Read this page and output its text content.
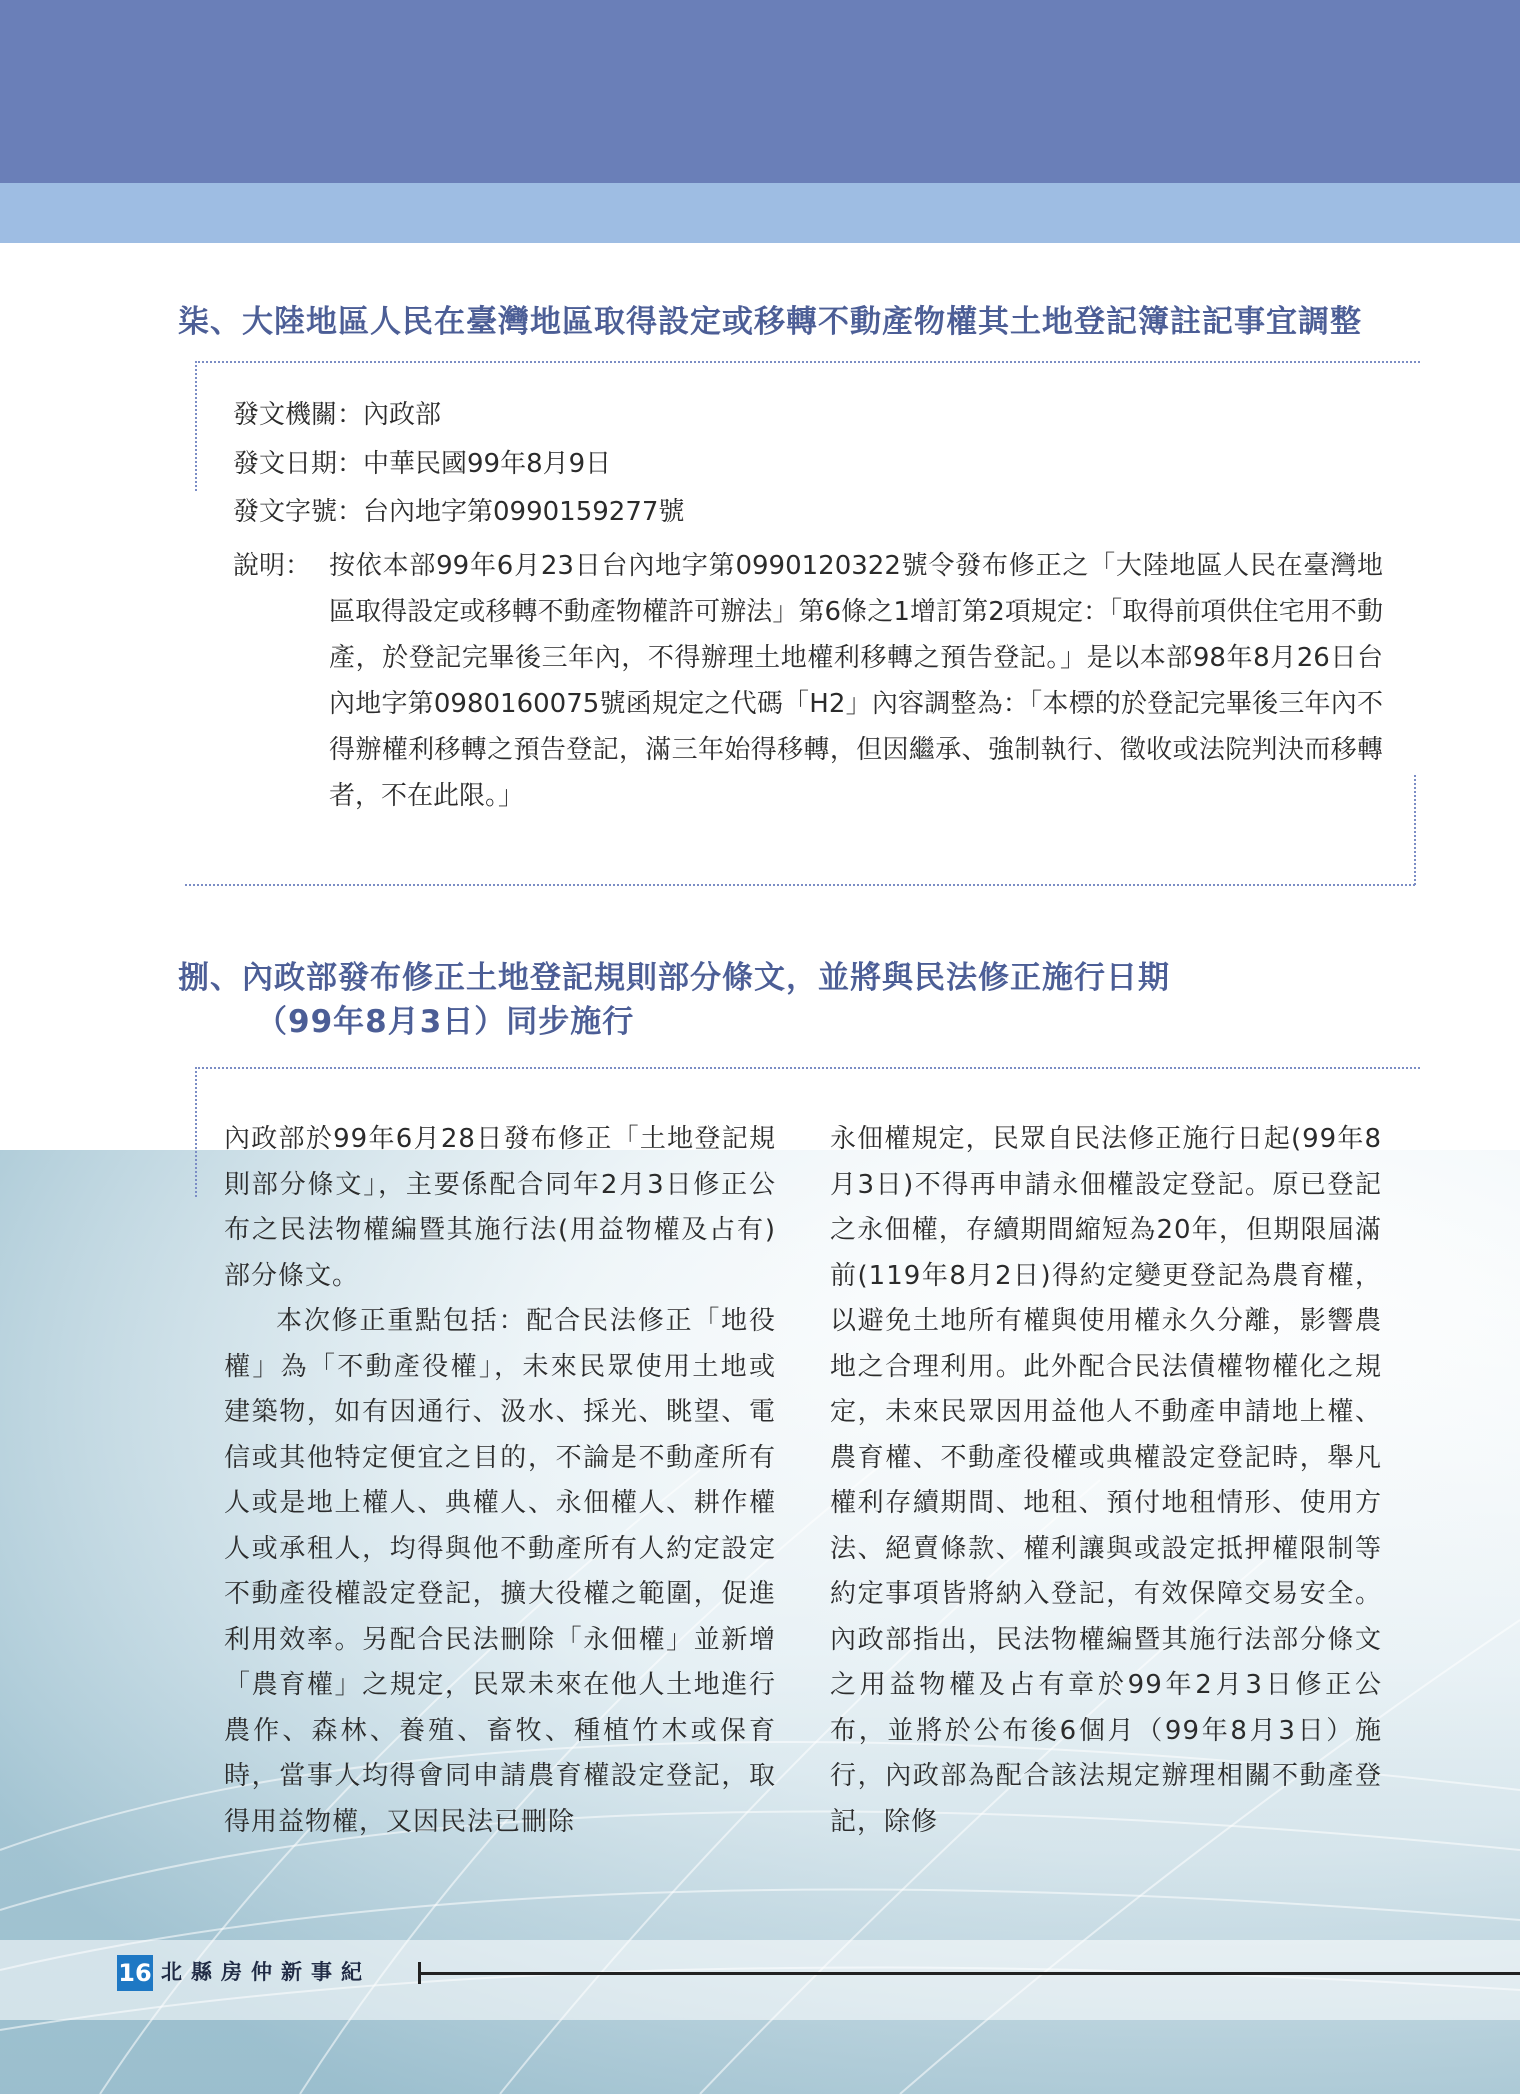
柒、大陸地區人民在臺灣地區取得設定或移轉不動產物權其土地登記簿註記事宜調整
發文機關：內政部
發文日期：中華民國99年8月9日
發文字號：台內地字第0990159277號
說明： 按依本部99年6月23日台內地字第0990120322號令發布修正之「大陸地區人民在臺灣地區取得設定或移轉不動產物權許可辦法」第6條之1增訂第2項規定：「取得前項供住宅用不動產，於登記完畢後三年內，不得辦理土地權利移轉之預告登記。」是以本部98年8月26日台內地字第0980160075號函規定之代碼「H2」內容調整為：「本標的於登記完畢後三年內不得辦權利移轉之預告登記，滿三年始得移轉，但因繼承、強制執行、徵收或法院判決而移轉者，不在此限。」
捌、內政部發布修正土地登記規則部分條文，並將與民法修正施行日期
（99年8月3日）同步施行

內政部於99年6月28日發布修正「土地登記規則部分條文」，主要係配合同年2月3日修正公布之民法物權編暨其施行法(用益物權及占有)部分條文。

本次修正重點包括：配合民法修正「地役權」為「不動產役權」，未來民眾使用土地或建築物，如有因通行、汲水、採光、眺望、電信或其他特定便宜之目的，不論是不動產所有人或是地上權人、典權人、永佃權人、耕作權人或承租人，均得與他不動產所有人約定設定不動產役權設定登記，擴大役權之範圍，促進利用效率。另配合民法刪除「永佃權」並新增「農育權」之規定，民眾未來在他人土地進行農作、森林、養殖、畜牧、種植竹木或保育時，當事人均得會同申請農育權設定登記，取得用益物權，又因民法已刪除

永佃權規定，民眾自民法修正施行日起(99年8月3日)不得再申請永佃權設定登記。原已登記之永佃權，存續期間縮短為20年，但期限屆滿前(119年8月2日)得約定變更登記為農育權，以避免土地所有權與使用權永久分離，影響農地之合理利用。此外配合民法債權物權化之規定，未來民眾因用益他人不動產申請地上權、農育權、不動產役權或典權設定登記時，舉凡權利存續期間、地租、預付地租情形、使用方法、絕賣條款、權利讓與或設定抵押權限制等約定事項皆將納入登記，有效保障交易安全。 內政部指出，民法物權編暨其施行法部分條文之用益物權及占有章於99年2月3日修正公布，並將於公布後6個月（99年8月3日）施行，內政部為配合該法規定辦理相關不動產登記，除修

16 北縣房仲新事紀
